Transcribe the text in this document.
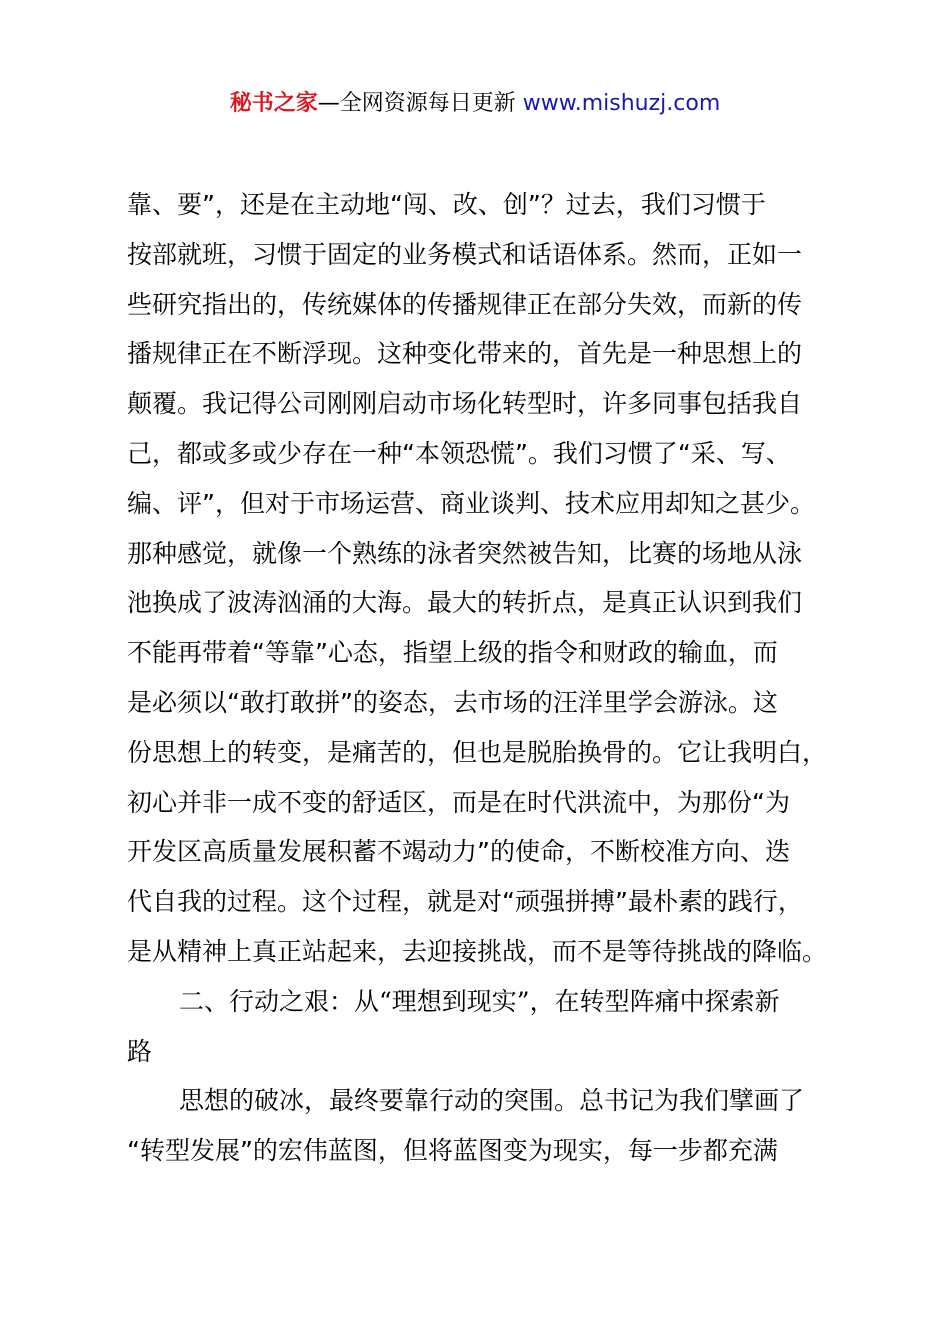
秘书之家—全网资源每日更新 www.mishuzj.com
靠、要”，还是在主动地“闯、改、创”？过去，我们习惯于
按部就班，习惯于固定的业务模式和话语体系。然而，正如一
些研究指出的，传统媒体的传播规律正在部分失效，而新的传
播规律正在不断浮现。这种变化带来的，首先是一种思想上的
颠覆。我记得公司刚刚启动市场化转型时，许多同事包括我自
己，都或多或少存在一种“本领恐慌”。我们习惯了“采、写、
编、评”，但对于市场运营、商业谈判、技术应用却知之甚少。
那种感觉，就像一个熟练的泳者突然被告知，比赛的场地从泳
池换成了波涛汹涌的大海。最大的转折点，是真正认识到我们
不能再带着“等靠”心态，指望上级的指令和财政的输血，而
是必须以“敢打敢拼”的姿态，去市场的汪洋里学会游泳。这
份思想上的转变，是痛苦的，但也是脱胎换骨的。它让我明白，
初心并非一成不变的舒适区，而是在时代洪流中，为那份“为
开发区高质量发展积蓄不竭动力”的使命，不断校准方向、迭
代自我的过程。这个过程，就是对“顽强拼搏”最朴素的践行，
是从精神上真正站起来，去迎接挑战，而不是等待挑战的降临。
二、行动之艰：从“理想到现实”，在转型阵痛中探索新
路
思想的破冰，最终要靠行动的突围。总书记为我们擘画了
“转型发展”的宏伟蓝图，但将蓝图变为现实，每一步都充满
